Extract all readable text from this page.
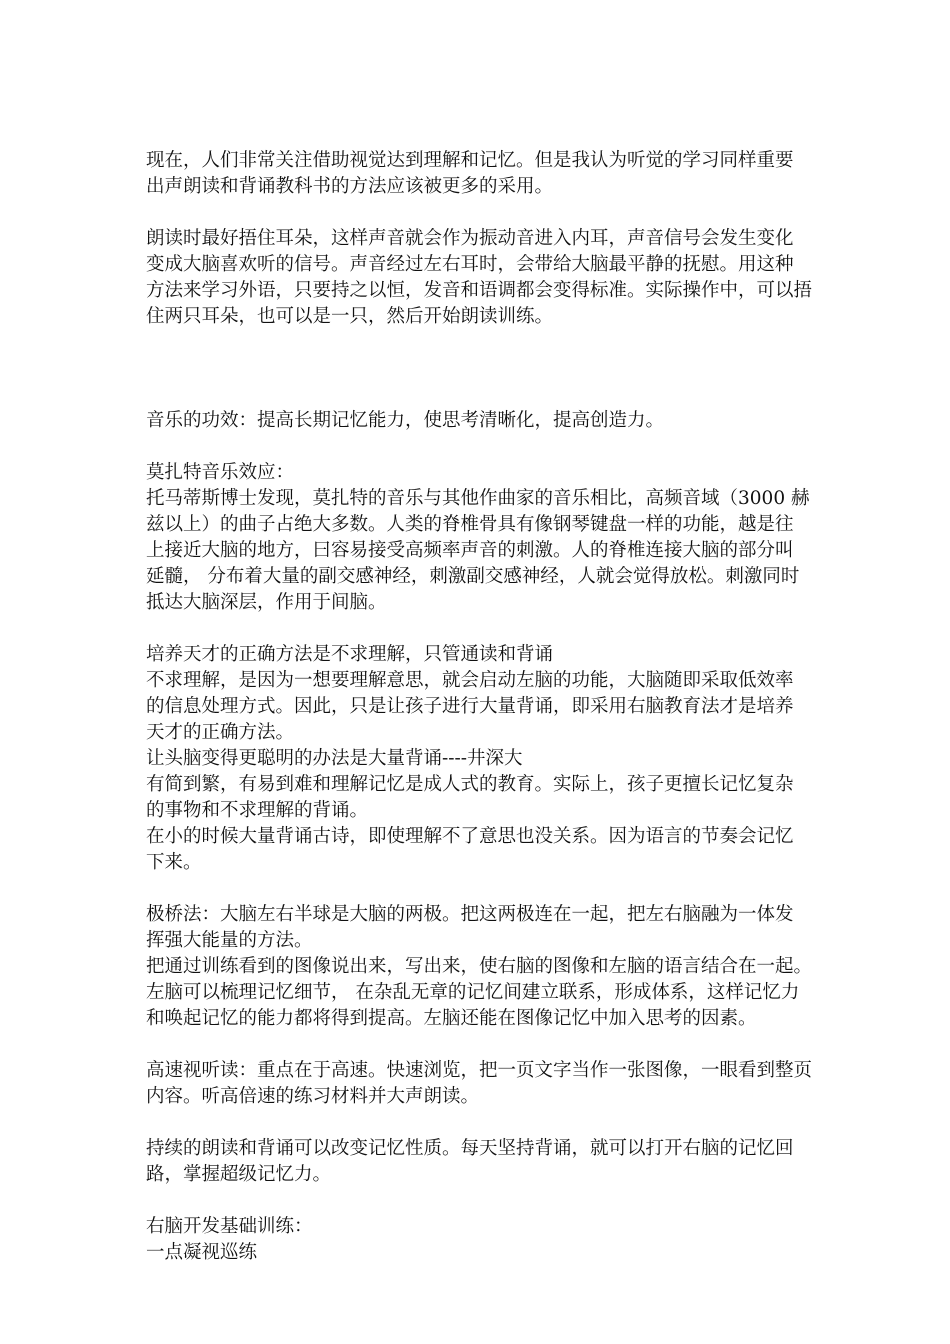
现在，人们非常关注借助视觉达到理解和记忆。但是我认为听觉的学习同样重要
出声朗读和背诵教科书的方法应该被更多的采用。
朗读时最好捂住耳朵，这样声音就会作为振动音进入内耳，声音信号会发生变化
变成大脑喜欢听的信号。声音经过左右耳时，会带给大脑最平静的抚慰。用这种
方法来学习外语，只要持之以恒，发音和语调都会变得标准。实际操作中，可以捂
住两只耳朵，也可以是一只，然后开始朗读训练。
音乐的功效：提高长期记忆能力，使思考清晰化，提高创造力。
莫扎特音乐效应：
托马蒂斯博士发现，莫扎特的音乐与其他作曲家的音乐相比，高频音域（3000 赫
兹以上）的曲子占绝大多数。人类的脊椎骨具有像钢琴键盘一样的功能，越是往
上接近大脑的地方，曰容易接受高频率声音的刺激。人的脊椎连接大脑的部分叫
延髓， 分布着大量的副交感神经，刺激副交感神经，人就会觉得放松。刺激同时
抵达大脑深层，作用于间脑。
培养天才的正确方法是不求理解，只管通读和背诵
不求理解，是因为一想要理解意思，就会启动左脑的功能，大脑随即采取低效率
的信息处理方式。因此，只是让孩子进行大量背诵，即采用右脑教育法才是培养
天才的正确方法。
让头脑变得更聪明的办法是大量背诵----井深大
有简到繁，有易到难和理解记忆是成人式的教育。实际上，孩子更擅长记忆复杂
的事物和不求理解的背诵。
在小的时候大量背诵古诗，即使理解不了意思也没关系。因为语言的节奏会记忆
下来。
极桥法：大脑左右半球是大脑的两极。把这两极连在一起，把左右脑融为一体发
挥强大能量的方法。
把通过训练看到的图像说出来，写出来，使右脑的图像和左脑的语言结合在一起。
左脑可以梳理记忆细节， 在杂乱无章的记忆间建立联系，形成体系，这样记忆力
和唤起记忆的能力都将得到提高。左脑还能在图像记忆中加入思考的因素。
高速视听读：重点在于高速。快速浏览，把一页文字当作一张图像，一眼看到整页
内容。听高倍速的练习材料并大声朗读。
持续的朗读和背诵可以改变记忆性质。每天坚持背诵，就可以打开右脑的记忆回
路，掌握超级记忆力。
右脑开发基础训练：
一点凝视巡练
